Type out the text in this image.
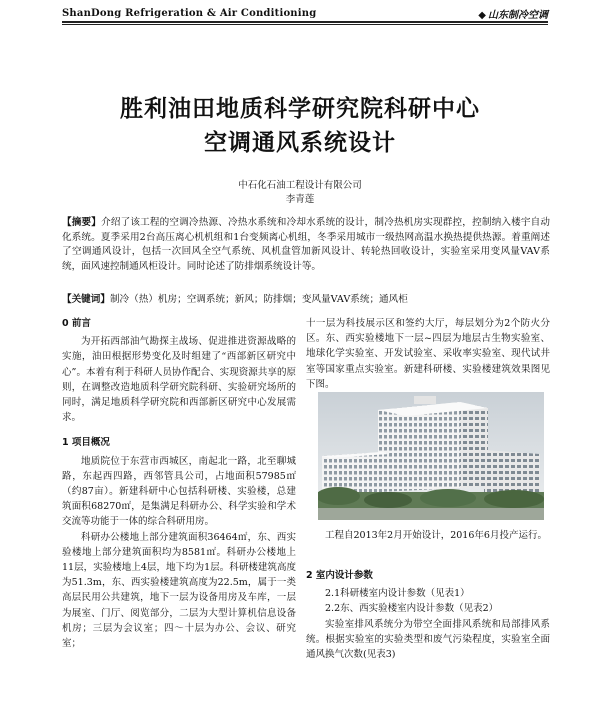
ShanDong Refrigeration & Air Conditioning	◆ 山东制冷空调
胜利油田地质科学研究院科研中心
空调通风系统设计
中石化石油工程设计有限公司
李青莲
【摘要】介绍了该工程的空调冷热源、冷热水系统和冷却水系统的设计，制冷热机房实现群控，控制纳入楼宇自动化系统。夏季采用2台高压离心机机组和1台变频离心机组，冬季采用城市一级热网高温水换热提供热源。着重阐述了空调通风设计，包括一次回风全空气系统、风机盘管加新风设计、转轮热回收设计，实验室采用变风量VAV系统，面风速控制通风柜设计。同时论述了防排烟系统设计等。
【关键词】制冷（热）机房；空调系统；新风；防排烟；变风量VAV系统；通风柜
0 前言

为开拓西部油气勘探主战场、促进推进资源战略的实施，油田根据形势变化及时组建了“西部新区研究中心”。本着有利于科研人员协作配合、实现资源共享的原则，在调整改造地质科学研究院科研、实验研究场所的同时，满足地质科学研究院和西部新区研究中心发展需求。

1 项目概况

地质院位于东营市西城区，南起北一路，北至聊城路，东起西四路，西邻管具公司，占地面积57985㎡（约87亩）。新建科研中心包括科研楼、实验楼，总建筑面积68270㎡，是集满足科研办公、科学实验和学术交流等功能于一体的综合科研用房。

科研办公楼地上部分建筑面积36464㎡，东、西实验楼地上部分建筑面积均为8581㎡。科研办公楼地上11层，实验楼地上4层，地下均为1层。科研楼建筑高度为51.3m，东、西实验楼建筑高度为22.5m，属于一类高层民用公共建筑，地下一层为设备用房及车库，一层为展室、门厅、阅览部分，二层为大型计算机信息设备机房；三层为会议室；四～十层为办公、会议、研究室；

十一层为科技展示区和签约大厅，每层划分为2个防火分区。东、西实验楼地下一层~四层为地层古生物实验室、地球化学实验室、开发试验室、采收率实验室、现代试井室等国家重点实验室。新建科研楼、实验楼建筑效果图见下图。

工程自2013年2月开始设计，2016年6月投产运行。

2 室内设计参数

2.1科研楼室内设计参数（见表1）

2.2东、西实验楼室内设计参数（见表2）

实验室排风系统分为带空全面排风系统和局部排风系统。根据实验室的实验类型和废气污染程度，实验室全面通风换气次数(见表3)
